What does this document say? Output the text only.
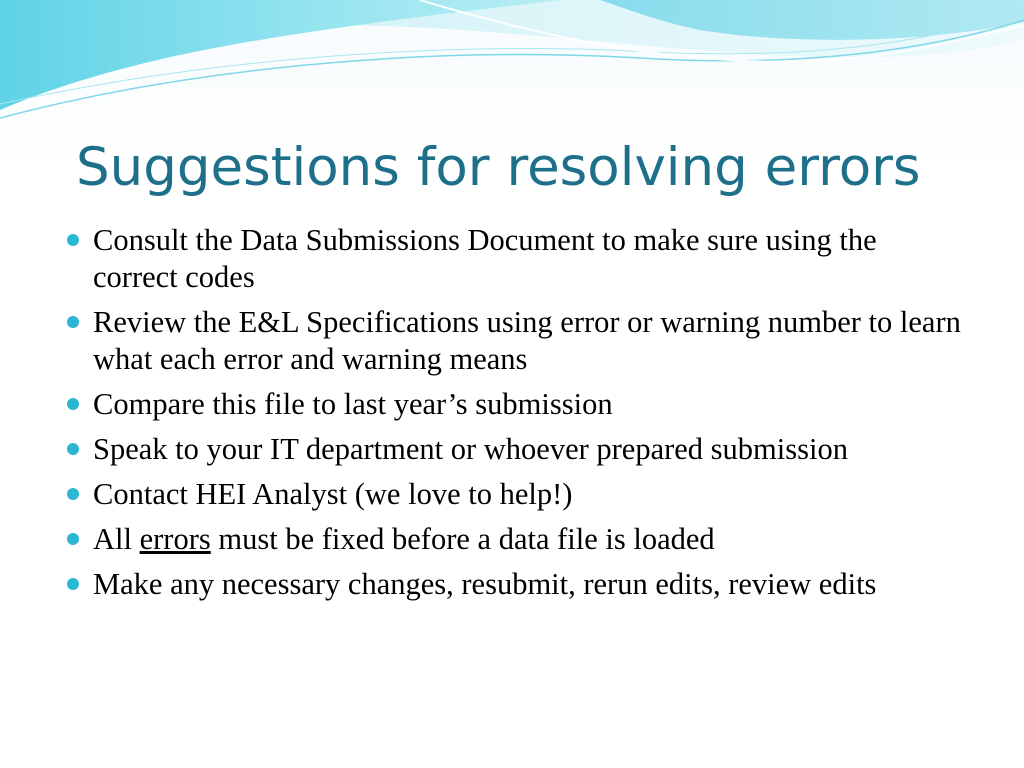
Suggestions for resolving errors
Consult the Data Submissions Document to make sure using the correct codes
Review the E&L Specifications using error or warning number to learn what each error and warning means
Compare this file to last year’s submission
Speak to your IT department or whoever prepared submission
Contact HEI Analyst (we love to help!)
All errors must be fixed before a data file is loaded
Make any necessary changes, resubmit, rerun edits, review edits
